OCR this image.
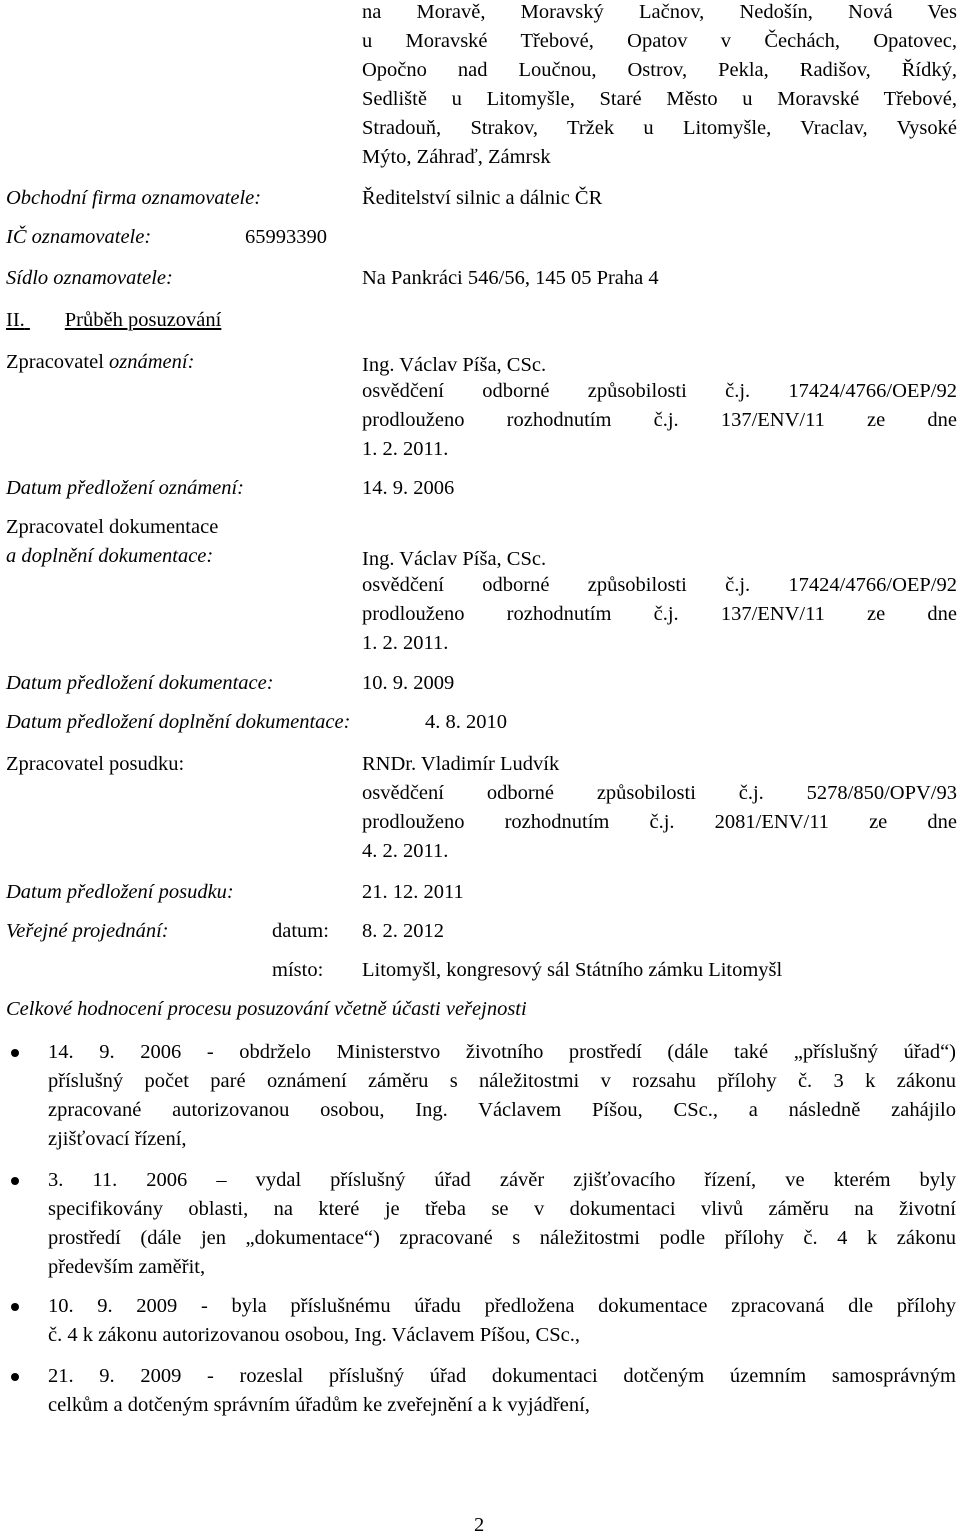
na Moravě, Moravský Lačnov, Nedošín, Nová Ves
u Moravské Třebové, Opatov v Čechách, Opatovec,
Opočno nad Loučnou, Ostrov, Pekla, Radišov, Řídký,
Sedliště u Litomyšle, Staré Město u Moravské Třebové,
Stradouň, Strakov, Tržek u Litomyšle, Vraclav, Vysoké
Mýto, Záhraď, Zámrsk
Obchodní firma oznamovatele:	Ředitelství silnic a dálnic ČR
IČ oznamovatele:	65993390
Sídlo oznamovatele:	Na Pankráci 546/56, 145 05 Praha 4
II. Průběh posuzování
Zpracovatel oznámení:	Ing. Václav Píša, CSc.
osvědčení odborné způsobilosti č.j. 17424/4766/OEP/92
prodlouženo rozhodnutím č.j. 137/ENV/11 ze dne
1. 2. 2011.
Datum předložení oznámení:	14. 9. 2006
Zpracovatel dokumentace
a doplnění dokumentace:	Ing. Václav Píša, CSc.
osvědčení odborné způsobilosti č.j. 17424/4766/OEP/92
prodlouženo rozhodnutím č.j. 137/ENV/11 ze dne
1. 2. 2011.
Datum předložení dokumentace:	10. 9. 2009
Datum předložení doplnění dokumentace:	4. 8. 2010
Zpracovatel posudku:	RNDr. Vladimír Ludvík
osvědčení odborné způsobilosti č.j. 5278/850/OPV/93
prodlouženo rozhodnutím č.j. 2081/ENV/11 ze dne
4. 2. 2011.
Datum předložení posudku:	21. 12. 2011
Veřejné projednání:	datum: 8. 2. 2012
místo: Litomyšl, kongresový sál Státního zámku Litomyšl
Celkové hodnocení procesu posuzování včetně účasti veřejnosti
14. 9. 2006 - obdrželo Ministerstvo životního prostředí (dále také „příslušný úřad“)
příslušný počet paré oznámení záměru s náležitostmi v rozsahu přílohy č. 3 k zákonu
zpracované autorizovanou osobou, Ing. Václavem Píšou, CSc., a následně zahájilo
zjišťovací řízení,
3. 11. 2006 – vydal příslušný úřad závěr zjišťovacího řízení, ve kterém byly
specifikovány oblasti, na které je třeba se v dokumentaci vlivů záměru na životní
prostředí (dále jen „dokumentace“) zpracované s náležitostmi podle přílohy č. 4 k zákonu
především zaměřit,
10. 9. 2009 - byla příslušnému úřadu předložena dokumentace zpracovaná dle přílohy
č. 4 k zákonu autorizovanou osobou, Ing. Václavem Píšou, CSc.,
21. 9. 2009 - rozeslal příslušný úřad dokumentaci dotčeným územním samosprávným
celkům a dotčeným správním úřadům ke zveřejnění a k vyjádření,
2
